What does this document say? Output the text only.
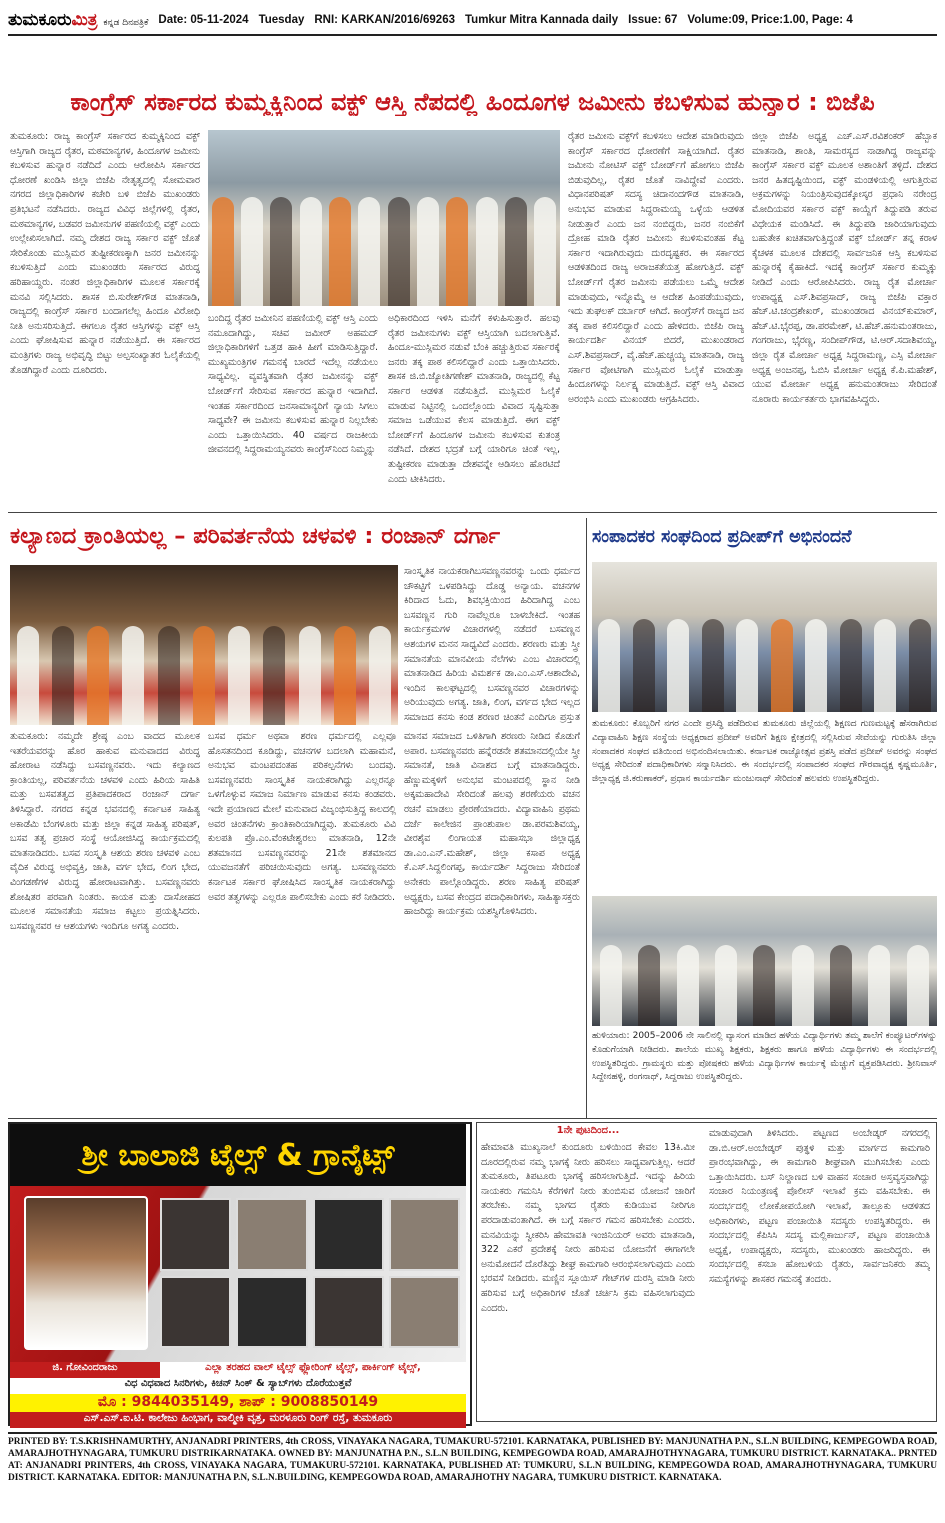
ತುಮಕೂರುಮಿತ್ರ ಕನ್ನಡ ದಿನಪತ್ರಿಕೆ Date: 05-11-2024 Tuesday RNI: KARKAN/2016/69263 Tumkur Mitra Kannada daily Issue: 67 Volume:09, Price:1.00, Page: 4
ಕಾಂಗ್ರೆಸ್ ಸರ್ಕಾರದ ಕುಮ್ಮಕ್ಕಿನಿಂದ ವಕ್ಫ್ ಆಸ್ತಿ ನೆಪದಲ್ಲಿ ಹಿಂದೂಗಳ ಜಮೀನು ಕಬಳಿಸುವ ಹುನ್ನಾರ : ಬಿಜೆಪಿ
ತುಮಕೂರು: ರಾಜ್ಯ ಕಾಂಗ್ರೆಸ್ ಸರ್ಕಾರದ ಕುಮ್ಮಕ್ಕಿನಿಂದ ವಕ್ಫ್ ಆಸ್ತಿಗಾಗಿ ರಾಜ್ಯದ ರೈತರ, ಮಠಮಾನ್ಯಗಳ, ಹಿಂದೂಗಳ ಜಮೀನು ಕಬಳಿಸುವ ಹುನ್ನಾರ ನಡೆದಿದೆ ಎಂದು ಆರೋಪಿಸಿ ಸರ್ಕಾರದ ಧೋರಣೆ ಖಂಡಿಸಿ ಜಿಲ್ಲಾ ಬಿಜೆಪಿ ನೇತೃತ್ವದಲ್ಲಿ ಸೋಮವಾರ ನಗರದ ಜಿಲ್ಲಾಧಿಕಾರಿಗಳ ಕಚೇರಿ ಬಳಿ ಬಿಜೆಪಿ ಮುಖಂಡರು ಪ್ರತಿಭಟನೆ ನಡೆಸಿದರು. ರಾಜ್ಯದ ವಿವಿಧ ಜಿಲ್ಲೆಗಳಲ್ಲಿ ರೈತರ, ಮಠಮಾನ್ಯಗಳ, ಬಡವರ ಜಮೀನುಗಳ ಪಹಣಿಯಲ್ಲಿ ವಕ್ಫ್ ಎಂದು ಉಲ್ಲೇಖಿಸಲಾಗಿದೆ. ನಮ್ಮ ದೇಶದ ರಾಜ್ಯ ಸರ್ಕಾರ ವಕ್ಫ್ ಜೊತೆ ಸೇರಿಕೊಂಡು ಮುಸ್ಲಿಮರ ತುಷ್ಟೀಕರಣಕ್ಕಾಗಿ ಜನರ ಜಮೀನನ್ನು ಕಬಳಿಸುತ್ತಿದೆ ಎಂದು ಮುಖಂಡರು ಸರ್ಕಾರದ ವಿರುದ್ಧ ಹರಿಹಾಯ್ದರು. ನಂತರ ಜಿಲ್ಲಾಧಿಕಾರಿಗಳ ಮೂಲಕ ಸರ್ಕಾರಕ್ಕೆ ಮನವಿ ಸಲ್ಲಿಸಿದರು. ಶಾಸಕ ಬಿ.ಸುರೇಶ್‌ಗೌಡ ಮಾತನಾಡಿ, ರಾಜ್ಯದಲ್ಲಿ ಕಾಂಗ್ರೆಸ್ ಸರ್ಕಾರ ಬಂದಾಗಲೆಲ್ಲ ಹಿಂದೂ ವಿರೋಧಿ ನೀತಿ ಅನುಸರಿಸುತ್ತಿದೆ. ಈಗಲೂ ರೈತರ ಆಸ್ತಿಗಳನ್ನು ವಕ್ಫ್ ಆಸ್ತಿ ಎಂದು ಘೋಷಿಸುವ ಹುನ್ನಾರ ನಡೆಯುತ್ತಿದೆ. ಈ ಸರ್ಕಾರದ ಮಂತ್ರಿಗಳು ರಾಜ್ಯ ಅಭಿವೃದ್ಧಿ ಬಿಟ್ಟು ಅಲ್ಪಸಂಖ್ಯಾತರ ಓಲೈಕೆಯಲ್ಲಿ ತೊಡಗಿದ್ದಾರೆ ಎಂದು ದೂರಿದರು.
ಬಂದಿದ್ದ ರೈತರ ಜಮೀನಿನ ಪಹಣಿಯಲ್ಲಿ ವಕ್ಫ್ ಆಸ್ತಿ ಎಂದು ನಮೂದಾಗಿದ್ದು, ಸಚಿವ ಜಮೀರ್ ಅಹಮದ್ ಜಿಲ್ಲಾಧಿಕಾರಿಗಳಿಗೆ ಒತ್ತಡ ಹಾಕಿ ಹೀಗೆ ಮಾಡಿಸುತ್ತಿದ್ದಾರೆ. ಮುಖ್ಯಮಂತ್ರಿಗಳ ಗಮನಕ್ಕೆ ಬಾರದೆ ಇದೆಲ್ಲ ನಡೆಯಲು ಸಾಧ್ಯವಿಲ್ಲ. ವ್ಯವಸ್ಥಿತವಾಗಿ ರೈತರ ಜಮೀನನ್ನು ವಕ್ಫ್ ಬೋರ್ಡ್‌ಗೆ ಸೇರಿಸುವ ಸರ್ಕಾರದ ಹುನ್ನಾರ ಇದಾಗಿದೆ. ಇಂತಹ ಸರ್ಕಾರದಿಂದ ಜನಸಾಮಾನ್ಯರಿಗೆ ನ್ಯಾಯ ಸಿಗಲು ಸಾಧ್ಯವೇ? ಈ ಜಮೀನು ಕಬಳಿಸುವ ಹುನ್ನಾರ ನಿಲ್ಲಬೇಕು ಎಂದು ಒತ್ತಾಯಿಸಿದರು. 40 ವರ್ಷದ ರಾಜಕೀಯ ಜೀವನದಲ್ಲಿ ಸಿದ್ದರಾಮಯ್ಯನವರು ಕಾಂಗ್ರೆಸ್‌ನಿಂದ ನಿಮ್ಮನ್ನು
ಅಧಿಕಾರದಿಂದ ಇಳಿಸಿ ಮನೆಗೆ ಕಳುಹಿಸುತ್ತಾರೆ. ಹಲವು ರೈತರ ಜಮೀನುಗಳು ವಕ್ಫ್ ಆಸ್ತಿಯಾಗಿ ಬದಲಾಗುತ್ತಿವೆ. ಹಿಂದೂ-ಮುಸ್ಲಿಮರ ನಡುವೆ ಬೆಂಕಿ ಹಚ್ಚುತ್ತಿರುವ ಸರ್ಕಾರಕ್ಕೆ ಜನರು ತಕ್ಕ ಪಾಠ ಕಲಿಸಲಿದ್ದಾರೆ ಎಂದು ಒತ್ತಾಯಿಸಿದರು. ಶಾಸಕ ಜಿ.ಬಿ.ಜ್ಯೋತಿಗಣೇಶ್ ಮಾತನಾಡಿ, ರಾಜ್ಯದಲ್ಲಿ ಕೆಟ್ಟ ಸರ್ಕಾರ ಆಡಳಿತ ನಡೆಸುತ್ತಿದೆ. ಮುಸ್ಲಿಮರ ಓಲೈಕೆ ಮಾಡುವ ನಿಟ್ಟಿನಲ್ಲಿ ಒಂದಲ್ಲೊಂದು ವಿವಾದ ಸೃಷ್ಟಿಸುತ್ತಾ ಸಮಾಜ ಒಡೆಯುವ ಕೆಲಸ ಮಾಡುತ್ತಿದೆ. ಈಗ ವಕ್ಫ್ ಬೋರ್ಡ್‌ಗೆ ಹಿಂದೂಗಳ ಜಮೀನು ಕಬಳಿಸುವ ಕುತಂತ್ರ ನಡೆಸಿದೆ. ದೇಶದ ಭದ್ರತೆ ಬಗ್ಗೆ ಯಾರಿಗೂ ಚಿಂತೆ ಇಲ್ಲ, ತುಷ್ಟೀಕರಣ ಮಾಡುತ್ತಾ ದೇಶವನ್ನೇ ಆಡಿಸಲು ಹೊರಟಿದೆ ಎಂದು ಟೀಕಿಸಿದರು.
ರೈತರ ಜಮೀನು ವಕ್ಫ್‌ಗೆ ಕಬಳಿಸಲು ಆದೇಶ ಮಾಡಿರುವುದು ಕಾಂಗ್ರೆಸ್ ಸರ್ಕಾರದ ಧೋರಣೆಗೆ ಸಾಕ್ಷಿಯಾಗಿದೆ. ರೈತರ ಜಮೀನು ನೋಟಿಸ್ ವಕ್ಫ್ ಬೋರ್ಡ್‌ಗೆ ಹೋಗಲು ಬಿಜೆಪಿ ಬಿಡುವುದಿಲ್ಲ, ರೈತರ ಜೊತೆ ನಾವಿದ್ದೇವೆ ಎಂದರು. ವಿಧಾನಪರಿಷತ್ ಸದಸ್ಯ ಚಿದಾನಂದಗೌಡ ಮಾತನಾಡಿ, ಅನುಭವ ಮಾಡುವ ಸಿದ್ದರಾಮಯ್ಯ ಒಳ್ಳೆಯ ಆಡಳಿತ ನೀಡುತ್ತಾರೆ ಎಂದು ಜನ ನಂಬಿದ್ದರು, ಜನರ ನಂಬಿಕೆಗೆ ದ್ರೋಹ ಮಾಡಿ ರೈತರ ಜಮೀನು ಕಬಳಿಸುವಂತಹ ಕೆಟ್ಟ ಸರ್ಕಾರ ಇದಾಗಿರುವುದು ದುರದೃಷ್ಟಕರ. ಈ ಸರ್ಕಾರದ ಆಡಳಿತದಿಂದ ರಾಜ್ಯ ಅರಾಜಕತೆಯತ್ತ ಹೋಗುತ್ತಿದೆ. ವಕ್ಫ್ ಬೋರ್ಡ್‌ಗೆ ರೈತರ ಜಮೀನು ಪಡೆಯಲು ಒಮ್ಮೆ ಆದೇಶ ಮಾಡುವುದು, ಇನ್ನೊಮ್ಮೆ ಆ ಆದೇಶ ಹಿಂಪಡೆಯುವುದು, ಇದು ತುಘಲಕ್ ದರ್ಬಾರ್ ಆಗಿದೆ. ಕಾಂಗ್ರೆಸ್‌ಗೆ ರಾಜ್ಯದ ಜನ ತಕ್ಕ ಪಾಠ ಕಲಿಸಲಿದ್ದಾರೆ ಎಂದು ಹೇಳಿದರು. ಬಿಜೆಪಿ ರಾಜ್ಯ ಕಾರ್ಯದರ್ಶಿ ವಿನಯ್ ಬಿದರೆ, ಮುಖಂಡರಾದ ಎಸ್.ಶಿವಪ್ರಸಾದ್, ವೈ.ಹೆಚ್.ಹುಚ್ಚಯ್ಯ ಮಾತನಾಡಿ, ರಾಜ್ಯ ಸರ್ಕಾರ ವೋಟಿಗಾಗಿ ಮುಸ್ಲಿಮರ ಓಲೈಕೆ ಮಾಡುತ್ತಾ ಹಿಂದೂಗಳನ್ನು ನಿರ್ಲಕ್ಷ್ಯ ಮಾಡುತ್ತಿದೆ. ವಕ್ಫ್ ಆಸ್ತಿ ವಿವಾದ ಅರಂಭಿಸಿ ಎಂದು ಮುಖಂಡರು ಆಗ್ರಹಿಸಿದರು.
ಜಿಲ್ಲಾ ಬಿಜೆಪಿ ಅಧ್ಯಕ್ಷ ಎಚ್.ಎಸ್.ರವಿಶಂಕರ್ ಹೆಬ್ಬಾಕ ಮಾತನಾಡಿ, ಶಾಂತಿ, ಸಾಮರಸ್ಯದ ನಾಡಾಗಿದ್ದ ರಾಜ್ಯವನ್ನು ಕಾಂಗ್ರೆಸ್ ಸರ್ಕಾರ ವಕ್ಫ್ ಮೂಲಕ ಅಶಾಂತಿಗೆ ತಳ್ಳಿದೆ. ದೇಶದ ಜನರ ಹಿತದೃಷ್ಟಿಯಿಂದ, ವಕ್ಫ್ ಮಂಡಳಿಯಲ್ಲಿ ಆಗುತ್ತಿರುವ ಅಕ್ರಮಗಳನ್ನು ನಿಯಂತ್ರಿಸುವುದಕ್ಕೋಸ್ಕರ ಪ್ರಧಾನಿ ನರೇಂದ್ರ ಮೋದಿಯವರ ಸರ್ಕಾರ ವಕ್ಫ್ ಕಾಯ್ದೆಗೆ ತಿದ್ದುಪಡಿ ತರುವ ವಿಧೇಯಕ ಮಂಡಿಸಿದೆ. ಈ ತಿದ್ದುಪಡಿ ಜಾರಿಯಾಗುವುದು ಬಹುತೇಕ ಖಚಿತವಾಗುತ್ತಿದ್ದಂತೆ ವಕ್ಫ್ ಬೋರ್ಡ್ ತನ್ನ ಕರಾಳ ಕೈಚಳಕ ಮೂಲಕ ದೇಶದಲ್ಲಿ ಸಾರ್ವಜನಿಕ ಆಸ್ತಿ ಕಬಳಿಸುವ ಹುನ್ನಾರಕ್ಕೆ ಕೈಹಾಕಿದೆ. ಇದಕ್ಕೆ ಕಾಂಗ್ರೆಸ್ ಸರ್ಕಾರ ಕುಮ್ಮಕ್ಕು ನೀಡಿದೆ ಎಂದು ಆರೋಪಿಸಿದರು. ರಾಜ್ಯ ರೈತ ಮೋರ್ಚಾ ಉಪಾಧ್ಯಕ್ಷ ಎಸ್.ಶಿವಪ್ರಸಾದ್, ರಾಜ್ಯ ಬಿಜೆಪಿ ವಕ್ತಾರ ಹೆಚ್.ಟಿ.ಚಂದ್ರಶೇಖರ್, ಮುಖಂಡರಾದ ವಿನಯ್‌ಕುಮಾರ್, ಹೆಚ್.ಟಿ.ಭೈರಪ್ಪ, ಡಾ.ಪರಮೇಶ್, ಟಿ.ಹೆಚ್.ಹನುಮಂತರಾಜು, ಗಂಗರಾಜು, ಭೈರಣ್ಣ, ಸಂದೀಪ್‌ಗೌಡ, ಟಿ.ಆರ್.ಸದಾಶಿವಯ್ಯ, ಜಿಲ್ಲಾ ರೈತ ಮೋರ್ಚಾ ಅಧ್ಯಕ್ಷ ಸಿದ್ದರಾಮಣ್ಣ, ಎಸ್ಸಿ ಮೋರ್ಚಾ ಅಧ್ಯಕ್ಷ ಅಂಜನಪ್ಪ, ಓಬಿಸಿ ಮೋರ್ಚಾ ಅಧ್ಯಕ್ಷ ಕೆ.ಪಿ.ಮಹೇಶ್, ಯುವ ಮೋರ್ಚಾ ಅಧ್ಯಕ್ಷ ಹನುಮಂತರಾಜು ಸೇರಿದಂತೆ ನೂರಾರು ಕಾರ್ಯಕರ್ತರು ಭಾಗವಹಿಸಿದ್ದರು.
ಕಲ್ಯಾಣದ ಕ್ರಾಂತಿಯಲ್ಲ – ಪರಿವರ್ತನೆಯ ಚಳವಳಿ : ರಂಜಾನ್ ದರ್ಗಾ
ಸಾಂಸ್ಕೃತಿಕ ನಾಯಕರಾಗಿಬಸವಣ್ಣನವರನ್ನು ಒಂದು ಧರ್ಮದ ಚೌಕಟ್ಟಿಗೆ ಒಳಪಡಿಸಿದ್ದು ದೊಡ್ಡ ಅನ್ಯಾಯ. ವಚನಗಳ ಕಿರಿದಾದ ಓದು, ಶಿವಭಕ್ತಿಯಿಂದ ಹಿರಿದಾಗಿದ್ದ ಎಂಬ ಬಸವಣ್ಣನ ಗುರಿ ನಾವೆಲ್ಲರೂ ಬಾಳಬೇಕಿದೆ. ಇಂತಹ ಕಾರ್ಯಕ್ರಮಗಳ ವಿಚಾರಗಳಲ್ಲಿ ನಡೆದರೆ ಬಸವಣ್ಣನ ಆಶಯಗಳ ಮನನ ಸಾಧ್ಯವಿದೆ ಎಂದರು. ಶರಣರು ಮತ್ತು ಸ್ತ್ರೀ ಸಮಾನತೆಯ ಮಾನವೀಯ ನೆಲೆಗಳು ಎಂಬ ವಿಚಾರದಲ್ಲಿ ಮಾತನಾಡಿದ ಹಿರಿಯ ವಿಮರ್ಶಕ ಡಾ.ಎಂ.ಎಸ್.ಆಶಾದೇವಿ, ಇಂದಿನ ಕಾಲಘಟ್ಟದಲ್ಲಿ ಬಸವಣ್ಣನವರ ವಿಚಾರಗಳನ್ನು ಅರಿಯುವುದು ಅಗತ್ಯ. ಜಾತಿ, ಲಿಂಗ, ವರ್ಗದ ಭೇದ ಇಲ್ಲದ ಸಮಾಜದ ಕನಸು ಕಂಡ ಶರಣರ ಚಿಂತನೆ ಎಂದಿಗೂ ಪ್ರಸ್ತುತ
ತುಮಕೂರು: ನಮ್ಮದೇ ಶ್ರೇಷ್ಠ ಎಂಬ ವಾದದ ಮೂಲಕ ಇತರೆಯವರನ್ನು ಹೊರ ಹಾಕುವ ಮನುವಾದದ ವಿರುದ್ಧ ಹೋರಾಟ ನಡೆಸಿದ್ದು ಬಸವಣ್ಣನವರು. ಇದು ಕಲ್ಯಾಣದ ಕ್ರಾಂತಿಯಲ್ಲ, ಪರಿವರ್ತನೆಯ ಚಳವಳಿ ಎಂದು ಹಿರಿಯ ಸಾಹಿತಿ ಮತ್ತು ಬಸವತತ್ವದ ಪ್ರತಿಪಾದಕರಾದ ರಂಜಾನ್ ದರ್ಗಾ ತಿಳಿಸಿದ್ದಾರೆ. ನಗರದ ಕನ್ನಡ ಭವನದಲ್ಲಿ ಕರ್ನಾಟಕ ಸಾಹಿತ್ಯ ಅಕಾಡೆಮಿ ಬೆಂಗಳೂರು ಮತ್ತು ಜಿಲ್ಲಾ ಕನ್ನಡ ಸಾಹಿತ್ಯ ಪರಿಷತ್, ಬಸವ ತತ್ವ ಪ್ರಚಾರ ಸಂಸ್ಥೆ ಆಯೋಜಿಸಿದ್ದ ಕಾರ್ಯಕ್ರಮದಲ್ಲಿ ಮಾತನಾಡಿದರು. ಬಸವ ಸಂಸ್ಕೃತಿ ಆಶಯ ಶರಣ ಚಳವಳಿ ಎಂಬ ವೈದಿಕ ವಿರುದ್ಧ ಅಭಿವ್ಯಕ್ತಿ, ಜಾತಿ, ವರ್ಗ ಭೇದ, ಲಿಂಗ ಭೇದ, ವಿಂಗಡಣೆಗಳ ವಿರುದ್ಧ ಹೋರಾಟವಾಗಿತ್ತು. ಬಸವಣ್ಣನವರು ಶೋಷಿತರ ಪರವಾಗಿ ನಿಂತರು. ಕಾಯಕ ಮತ್ತು ದಾಸೋಹದ ಮೂಲಕ ಸಮಾನತೆಯ ಸಮಾಜ ಕಟ್ಟಲು ಪ್ರಯತ್ನಿಸಿದರು. ಬಸವಣ್ಣನವರ ಆ ಆಶಯಗಳು ಇಂದಿಗೂ ಅಗತ್ಯ ಎಂದರು.
ಬಸವ ಧರ್ಮ ಅಥವಾ ಶರಣ ಧರ್ಮದಲ್ಲಿ ಎಲ್ಲವೂ ಹೊಸತನದಿಂದ ಕೂಡಿದ್ದು, ವಚನಗಳ ಬದಲಾಗಿ ಮಹಾಮನೆ, ಅನುಭವ ಮಂಟಪದಂತಹ ಪರಿಕಲ್ಪನೆಗಳು ಬಂದವು. ಬಸವಣ್ಣನವರು ಸಾಂಸ್ಕೃತಿಕ ನಾಯಕರಾಗಿದ್ದು ಎಲ್ಲರನ್ನೂ ಒಳಗೊಳ್ಳುವ ಸಮಾಜ ನಿರ್ಮಾಣ ಮಾಡುವ ಕನಸು ಕಂಡವರು. ಇದೇ ಪ್ರಯಾಣದ ಮೇಲೆ ಮನುವಾದ ವಿಜೃಂಭಿಸುತ್ತಿದ್ದ ಕಾಲದಲ್ಲಿ ಅವರ ಚಿಂತನೆಗಳು ಕ್ರಾಂತಿಕಾರಿಯಾಗಿದ್ದವು. ತುಮಕೂರು ವಿವಿ ಕುಲಪತಿ ಪ್ರೊ.ಎಂ.ವೆಂಕಟೇಶ್ವರಲು ಮಾತನಾಡಿ, 12ನೇ ಶತಮಾನದ ಬಸವಣ್ಣನವರನ್ನು 21ನೇ ಶತಮಾನದ ಯುವಜನತೆಗೆ ಪರಿಚಯಿಸುವುದು ಅಗತ್ಯ. ಬಸವಣ್ಣನವರು ಕರ್ನಾಟಕ ಸರ್ಕಾರ ಘೋಷಿಸಿದ ಸಾಂಸ್ಕೃತಿಕ ನಾಯಕರಾಗಿದ್ದು ಅವರ ತತ್ವಗಳನ್ನು ಎಲ್ಲರೂ ಪಾಲಿಸಬೇಕು ಎಂದು ಕರೆ ನೀಡಿದರು.
ಮಾನವ ಸಮಾಜದ ಒಳಿತಿಗಾಗಿ ಶರಣರು ನೀಡಿದ ಕೊಡುಗೆ ಅಪಾರ. ಬಸವಣ್ಣನವರು ಹನ್ನೆರಡನೇ ಶತಮಾನದಲ್ಲಿಯೇ ಸ್ತ್ರೀ ಸಮಾನತೆ, ಜಾತಿ ವಿನಾಶದ ಬಗ್ಗೆ ಮಾತನಾಡಿದ್ದರು. ಹೆಣ್ಣುಮಕ್ಕಳಿಗೆ ಅನುಭವ ಮಂಟಪದಲ್ಲಿ ಸ್ಥಾನ ನೀಡಿ ಅಕ್ಕಮಹಾದೇವಿ ಸೇರಿದಂತೆ ಹಲವು ಶರಣೆಯರು ವಚನ ರಚನೆ ಮಾಡಲು ಪ್ರೇರಣೆಯಾದರು. ವಿದ್ಯಾವಾಹಿನಿ ಪ್ರಥಮ ದರ್ಜೆ ಕಾಲೇಜಿನ ಪ್ರಾಂಶುಪಾಲ ಡಾ.ಪರಮಶಿವಯ್ಯ, ವೀರಶೈವ ಲಿಂಗಾಯತ ಮಹಾಸಭಾ ಜಿಲ್ಲಾಧ್ಯಕ್ಷ ಡಾ.ಎಂ.ಎನ್.ಮಹೇಶ್, ಜಿಲ್ಲಾ ಕಸಾಪ ಅಧ್ಯಕ್ಷ ಕೆ.ಎಸ್.ಸಿದ್ದಲಿಂಗಪ್ಪ, ಕಾರ್ಯದರ್ಶಿ ಸಿದ್ದರಾಜು ಸೇರಿದಂತೆ ಅನೇಕರು ಪಾಲ್ಗೊಂಡಿದ್ದರು. ಶರಣ ಸಾಹಿತ್ಯ ಪರಿಷತ್ ಅಧ್ಯಕ್ಷರು, ಬಸವ ಕೇಂದ್ರದ ಪದಾಧಿಕಾರಿಗಳು, ಸಾಹಿತ್ಯಾಸಕ್ತರು ಹಾಜರಿದ್ದು ಕಾರ್ಯಕ್ರಮ ಯಶಸ್ವಿಗೊಳಿಸಿದರು.
ಸಂಪಾದಕರ ಸಂಘದಿಂದ ಪ್ರದೀಪ್‌ಗೆ ಅಭಿನಂದನೆ
ತುಮಕೂರು: ಕೊಬ್ಬರಿಗೆ ನಗರ ಎಂದೇ ಪ್ರಸಿದ್ಧಿ ಪಡೆದಿರುವ ತುಮಕೂರು ಜಿಲ್ಲೆಯಲ್ಲಿ ಶಿಕ್ಷಣದ ಗುಣಮಟ್ಟಕ್ಕೆ ಹೆಸರಾಗಿರುವ ವಿದ್ಯಾವಾಹಿನಿ ಶಿಕ್ಷಣ ಸಂಸ್ಥೆಯ ಅಧ್ಯಕ್ಷರಾದ ಪ್ರದೀಪ್ ಅವರಿಗೆ ಶಿಕ್ಷಣ ಕ್ಷೇತ್ರದಲ್ಲಿ ಸಲ್ಲಿಸಿರುವ ಸೇವೆಯನ್ನು ಗುರುತಿಸಿ ಜಿಲ್ಲಾ ಸಂಪಾದಕರ ಸಂಘದ ವತಿಯಿಂದ ಅಭಿನಂದಿಸಲಾಯಿತು. ಕರ್ನಾಟಕ ರಾಜ್ಯೋತ್ಸವ ಪ್ರಶಸ್ತಿ ಪಡೆದ ಪ್ರದೀಪ್ ಅವರನ್ನು ಸಂಘದ ಅಧ್ಯಕ್ಷ ಸೇರಿದಂತೆ ಪದಾಧಿಕಾರಿಗಳು ಸನ್ಮಾನಿಸಿದರು. ಈ ಸಂದರ್ಭದಲ್ಲಿ ಸಂಪಾದಕರ ಸಂಘದ ಗೌರವಾಧ್ಯಕ್ಷ ಕೃಷ್ಣಮೂರ್ತಿ, ಜಿಲ್ಲಾಧ್ಯಕ್ಷ ಜಿ.ಕರುಣಾಕರ್, ಪ್ರಧಾನ ಕಾರ್ಯದರ್ಶಿ ಮಂಜುನಾಥ್ ಸೇರಿದಂತೆ ಹಲವರು ಉಪಸ್ಥಿತರಿದ್ದರು.
ಹುಳಿಯಾರು: 2005–2006 ನೇ ಸಾಲಿನಲ್ಲಿ ವ್ಯಾಸಂಗ ಮಾಡಿದ ಹಳೆಯ ವಿದ್ಯಾರ್ಥಿಗಳು ತಮ್ಮ ಶಾಲೆಗೆ ಕಂಪ್ಯೂಟರ್‌ಗಳನ್ನು ಕೊಡುಗೆಯಾಗಿ ನೀಡಿದರು. ಶಾಲೆಯ ಮುಖ್ಯ ಶಿಕ್ಷಕರು, ಶಿಕ್ಷಕರು ಹಾಗೂ ಹಳೆಯ ವಿದ್ಯಾರ್ಥಿಗಳು ಈ ಸಂದರ್ಭದಲ್ಲಿ ಉಪಸ್ಥಿತರಿದ್ದರು. ಗ್ರಾಮಸ್ಥರು ಮತ್ತು ಪೋಷಕರು ಹಳೆಯ ವಿದ್ಯಾರ್ಥಿಗಳ ಕಾರ್ಯಕ್ಕೆ ಮೆಚ್ಚುಗೆ ವ್ಯಕ್ತಪಡಿಸಿದರು. ಶ್ರೀನಿವಾಸ್ ಸಿದ್ದೇನಹಳ್ಳಿ, ರಂಗನಾಥ್, ಸಿದ್ದರಾಜು ಉಪಸ್ಥಿತರಿದ್ದರು.
ಶ್ರೀ ಬಾಲಾಜಿ ಟೈಲ್ಸ್ & ಗ್ರಾನೈಟ್ಸ್
ಜಿ. ಗೋವಿಂದರಾಜು	ಎಲ್ಲಾ ತರಹದ ವಾಲ್ ಟೈಲ್ಸ್ ಫ್ಲೋರಿಂಗ್ ಟೈಲ್ಸ್, ಪಾರ್ಕಿಂಗ್ ಟೈಲ್ಸ್,
ವಿಧ ವಿಧವಾದ ಸಿನರಿಗಳು, ಕಿಚನ್ ಸಿಂಕ್ & ಸ್ಯಾಬ್‌ಗಳು ದೊರೆಯುತ್ತವೆ
ಮೊ : 9844035149, ಶಾಪ್ : 9008850149
ಎಸ್.ಎಸ್.ಐ.ಟಿ. ಕಾಲೇಜು ಹಿಂಭಾಗ, ವಾಲ್ಮೀಕಿ ವೃತ್ತ, ಮರಳೂರು ರಿಂಗ್ ರಸ್ತೆ, ತುಮಕೂರು
1ನೇ ಪುಟದಿಂದ...
ಹೇಮಾವತಿ ಮುಖ್ಯನಾಲೆ ಕುಂದೂರು ಬಳಿಯಿಂದ ಕೇವಲ 13ಕಿ.ಮೀ ದೂರದಲ್ಲಿರುವ ನಮ್ಮ ಭಾಗಕ್ಕೆ ನೀರು ಹರಿಸಲು ಸಾಧ್ಯವಾಗುತ್ತಿಲ್ಲ. ಆದರೆ ತುಮಕೂರು, ತಿಪಟೂರು ಭಾಗಕ್ಕೆ ಹರಿಸಲಾಗುತ್ತಿದೆ. ಇದನ್ನು ಹಿರಿಯ ನಾಯಕರು ಗಮನಿಸಿ ಕೆರೆಗಳಿಗೆ ನೀರು ತುಂಬಿಸುವ ಯೋಜನೆ ಜಾರಿಗೆ ತರಬೇಕು. ನಮ್ಮ ಭಾಗದ ರೈತರು ಕುಡಿಯುವ ನೀರಿಗೂ ಪರದಾಡುವಂತಾಗಿದೆ. ಈ ಬಗ್ಗೆ ಸರ್ಕಾರ ಗಮನ ಹರಿಸಬೇಕು ಎಂದರು. ಮನವಿಯನ್ನು ಸ್ವೀಕರಿಸಿ ಹೇಮಾವತಿ ಇಂಜಿನಿಯರ್ ಅವರು ಮಾತನಾಡಿ, 322 ಎಕರೆ ಪ್ರದೇಶಕ್ಕೆ ನೀರು ಹರಿಸುವ ಯೋಜನೆಗೆ ಈಗಾಗಲೇ ಅನುಮೋದನೆ ದೊರೆತಿದ್ದು ಶೀಘ್ರ ಕಾಮಗಾರಿ ಆರಂಭಿಸಲಾಗುವುದು ಎಂದು ಭರವಸೆ ನೀಡಿದರು. ಮಣ್ಣಿನ ಸ್ಲೂಯಿಸ್ ಗೇಟ್‌ಗಳ ದುರಸ್ತಿ ಮಾಡಿ ನೀರು ಹರಿಸುವ ಬಗ್ಗೆ ಅಧಿಕಾರಿಗಳ ಜೊತೆ ಚರ್ಚಿಸಿ ಕ್ರಮ ವಹಿಸಲಾಗುವುದು ಎಂದರು.
ಮಾಡುವುದಾಗಿ ತಿಳಿಸಿದರು. ಪಟ್ಟಣದ ಅಂಬೇಡ್ಕರ್ ನಗರದಲ್ಲಿ ಡಾ.ಬಿ.ಆರ್.ಅಂಬೇಡ್ಕರ್ ಪುತ್ಥಳಿ ಮತ್ತು ಮಾರ್ಗದ ಕಾಮಗಾರಿ ಪ್ರಾರಂಭವಾಗಿದ್ದು, ಈ ಕಾಮಗಾರಿ ಶೀಘ್ರವಾಗಿ ಮುಗಿಸಬೇಕು ಎಂದು ಒತ್ತಾಯಿಸಿದರು. ಬಸ್ ನಿಲ್ದಾಣದ ಬಳಿ ವಾಹನ ಸಂಚಾರ ಅಸ್ತವ್ಯಸ್ತವಾಗಿದ್ದು ಸಂಚಾರ ನಿಯಂತ್ರಣಕ್ಕೆ ಪೊಲೀಸ್ ಇಲಾಖೆ ಕ್ರಮ ವಹಿಸಬೇಕು. ಈ ಸಂದರ್ಭದಲ್ಲಿ ಲೋಕೋಪಯೋಗಿ ಇಲಾಖೆ, ತಾಲ್ಲೂಕು ಆಡಳಿತದ ಅಧಿಕಾರಿಗಳು, ಪಟ್ಟಣ ಪಂಚಾಯಿತಿ ಸದಸ್ಯರು ಉಪಸ್ಥಿತರಿದ್ದರು. ಈ ಸಂದರ್ಭದಲ್ಲಿ ಕೆಪಿಸಿಸಿ ಸದಸ್ಯ ಮಲ್ಲಿಕಾರ್ಜುನ್, ಪಟ್ಟಣ ಪಂಚಾಯಿತಿ ಅಧ್ಯಕ್ಷೆ, ಉಪಾಧ್ಯಕ್ಷರು, ಸದಸ್ಯರು, ಮುಖಂಡರು ಹಾಜರಿದ್ದರು. ಈ ಸಂದರ್ಭದಲ್ಲಿ ಕಸಬಾ ಹೋಬಳಿಯ ರೈತರು, ಸಾರ್ವಜನಿಕರು ತಮ್ಮ ಸಮಸ್ಯೆಗಳನ್ನು ಶಾಸಕರ ಗಮನಕ್ಕೆ ತಂದರು.
PRINTED BY: T.S.KRISHNAMURTHY, ANJANADRI PRINTERS, 4th CROSS, VINAYAKA NAGARA, TUMAKURU-572101. KARNATAKA, PUBLISHED BY: MANJUNATHA P.N., S.L.N BUILDING, KEMPEGOWDA ROAD, AMARAJHOTHYNAGARA, TUMKURU DISTRIKARNATAKA. OWNED BY: MANJUNATHA P.N., S.L.N BUILDING, KEMPEGOWDA ROAD, AMARAJHOTHYNAGARA, TUMKURU DISTRICT. KARNATAKA.. PRNTED AT: ANJANADRI PRINTERS, 4th CROSS, VINAYAKA NAGARA, TUMAKURU-572101. KARNATAKA, PUBLISHED AT: TUMKURU, S.L.N BUILDING, KEMPEGOWDA ROAD, AMARAJHOTHYNAGARA, TUMKURU DISTRICT. KARNATAKA. EDITOR: MANJUNATHA P.N, S.L.N.BUILDING, KEMPEGOWDA ROAD, AMARAJHOTHY NAGARA, TUMKURU DISTRICT. KARNATAKA.
